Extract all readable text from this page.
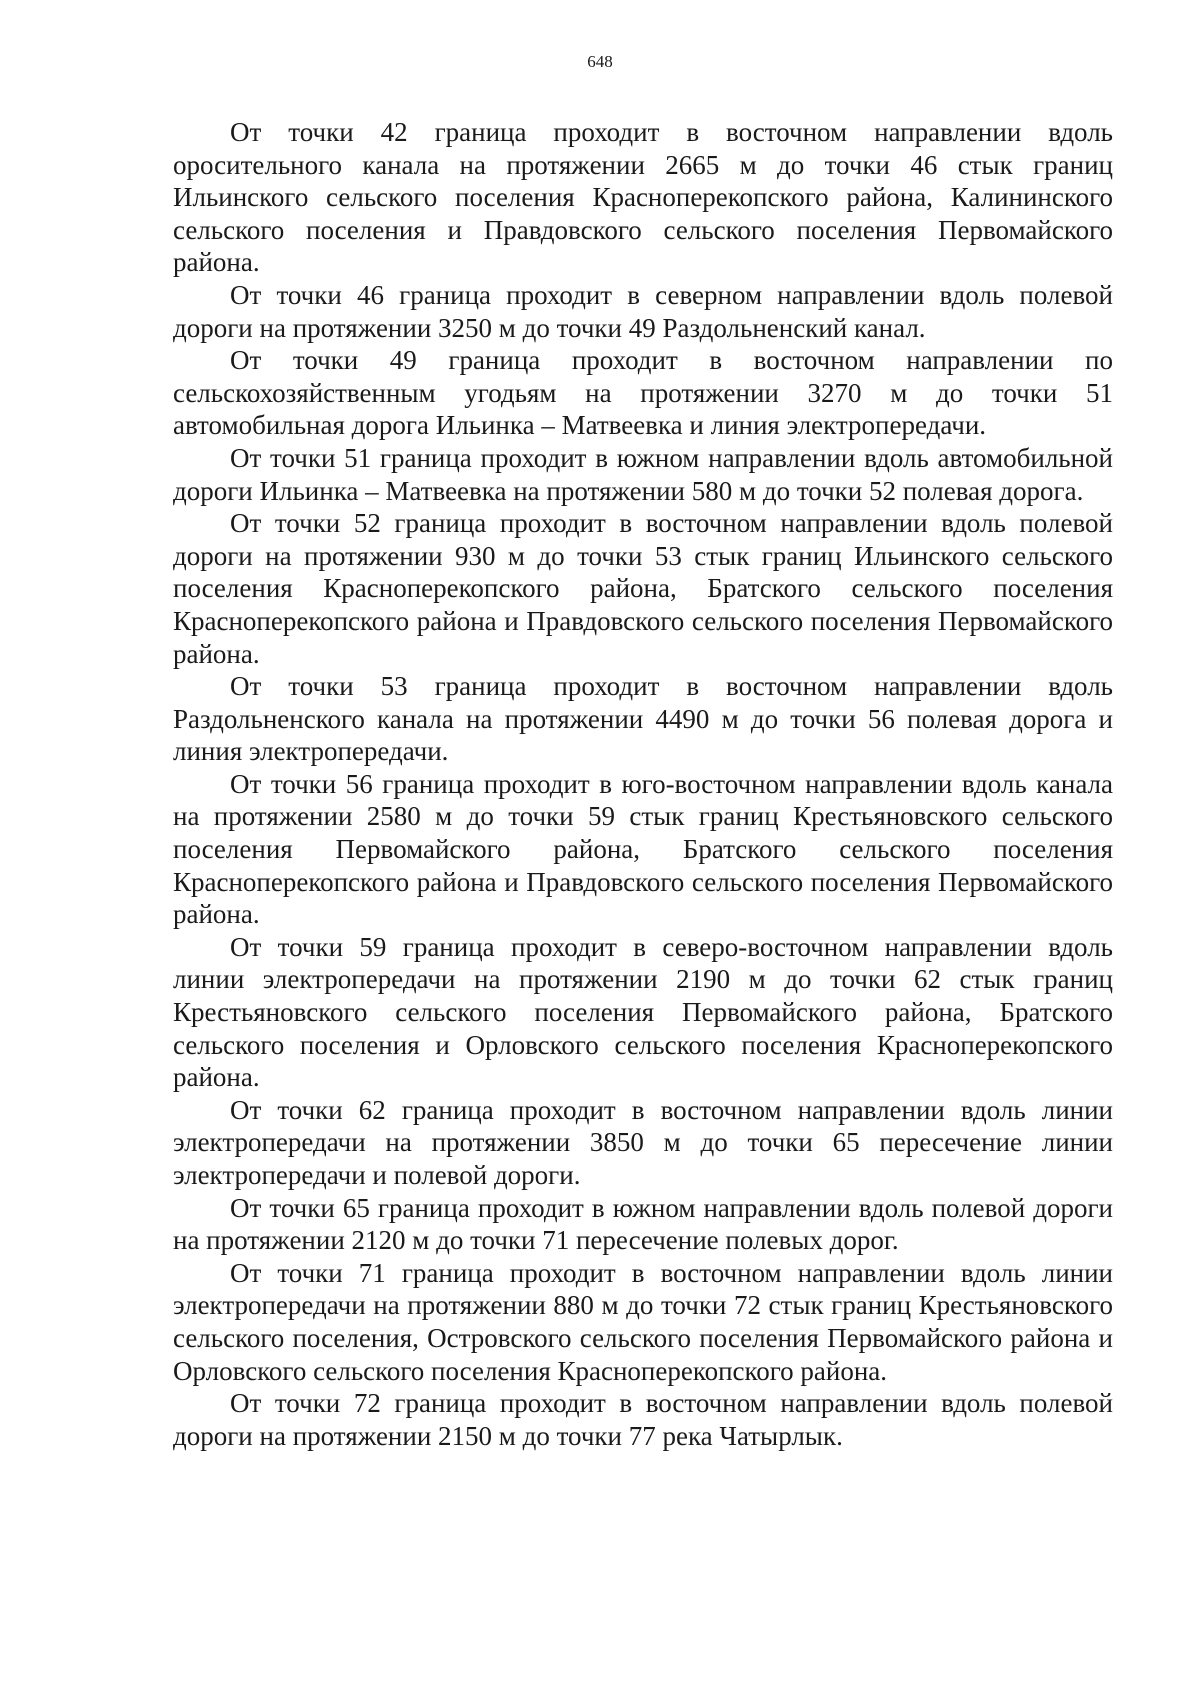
648

От точки 42 граница проходит в восточном направлении вдоль оросительного канала на протяжении 2665 м до точки 46 стык границ Ильинского сельского поселения Красноперекопского района, Калининского сельского поселения и Правдовского сельского поселения Первомайского района.

От точки 46 граница проходит в северном направлении вдоль полевой дороги на протяжении 3250 м до точки 49 Раздольненский канал.

От точки 49 граница проходит в восточном направлении по сельскохозяйственным угодьям на протяжении 3270 м до точки 51 автомобильная дорога Ильинка – Матвеевка и линия электропередачи.

От точки 51 граница проходит в южном направлении вдоль автомобильной дороги Ильинка – Матвеевка на протяжении 580 м до точки 52 полевая дорога.

От точки 52 граница проходит в восточном направлении вдоль полевой дороги на протяжении 930 м до точки 53 стык границ Ильинского сельского поселения Красноперекопского района, Братского сельского поселения Красноперекопского района и Правдовского сельского поселения Первомайского района.

От точки 53 граница проходит в восточном направлении вдоль Раздольненского канала на протяжении 4490 м до точки 56 полевая дорога и линия электропередачи.

От точки 56 граница проходит в юго-восточном направлении вдоль канала на протяжении 2580 м до точки 59 стык границ Крестьяновского сельского поселения Первомайского района, Братского сельского поселения Красноперекопского района и Правдовского сельского поселения Первомайского района.

От точки 59 граница проходит в северо-восточном направлении вдоль линии электропередачи на протяжении 2190 м до точки 62 стык границ Крестьяновского сельского поселения Первомайского района, Братского сельского поселения и Орловского сельского поселения Красноперекопского района.

От точки 62 граница проходит в восточном направлении вдоль линии электропередачи на протяжении 3850 м до точки 65 пересечение линии электропередачи и полевой дороги.

От точки 65 граница проходит в южном направлении вдоль полевой дороги на протяжении 2120 м до точки 71 пересечение полевых дорог.

От точки 71 граница проходит в восточном направлении вдоль линии электропередачи на протяжении 880 м до точки 72 стык границ Крестьяновского сельского поселения, Островского сельского поселения Первомайского района и Орловского сельского поселения Красноперекопского района.

От точки 72 граница проходит в восточном направлении вдоль полевой дороги на протяжении 2150 м до точки 77 река Чатырлык.
